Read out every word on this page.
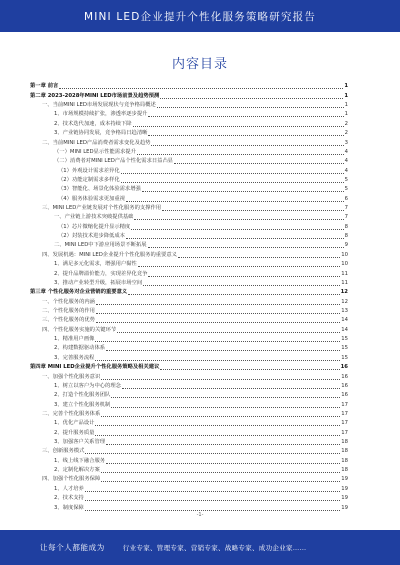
MINI LED企业提升个性化服务策略研究报告
内容目录
第一章 前言	1
第二章 2023-2028年MINI LED市场前景及趋势预测	1
一、当前MINI LED市场发展现状与竞争格局概述	1
1、市场规模持续扩张，渗透率逐步提升	1
2、技术迭代加速，成本持续下降	2
3、产业链协同发展，竞争格局日趋清晰	2
二、当前MINI LED产品消费者需求变化及趋势	3
（一）MINI LED显示性能需求提升	4
（二）消费者对MINI LED产品个性化需求日益凸显	4
（1）外观设计需求差异化	4
（2）功能定制需求多样化	5
（3）智能化、场景化体验需求增强	5
（4）服务体验需求更加重视	6
三、MINI LED产业链发展对个性化服务的支撑作用	7
一、产业链上游技术突破提供基础	7
（1）芯片微缩化提升显示精度	8
（2）封装技术进步降低成本	8
二、MINI LED中下游应用场景不断拓展	9
四、发展机遇：MINI LED企业提升个性化服务的重要意义	10
1、满足多元化需求，增强用户黏性	10
2、提升品牌溢价能力，实现差异化竞争	11
3、推动产业转型升级，拓展市场空间	11
第三章 个性化服务对企业营销的重要意义	12
一、个性化服务的内涵	12
二、个性化服务的作用	13
三、个性化服务的优势	14
四、个性化服务实施的关键环节	14
1、精准用户画像	15
2、构建数据驱动体系	15
3、完善服务流程	15
第四章 MINI LED企业提升个性化服务策略及相关建议	16
一、加强个性化服务意识	16
1、树立以客户为中心的理念	16
2、打造个性化服务团队	16
3、建立个性化服务机制	17
二、完善个性化服务体系	17
1、优化产品设计	17
2、提升服务质量	17
3、加强客户关系管理	18
三、创新服务模式	18
1、线上线下融合服务	18
2、定制化解决方案	18
四、加强个性化服务保障	19
1、人才培养	19
2、技术支持	19
3、制度保障	19
-1-
让每个人都能成为	行业专家、管理专家、营销专家、战略专家、成功企业家……
